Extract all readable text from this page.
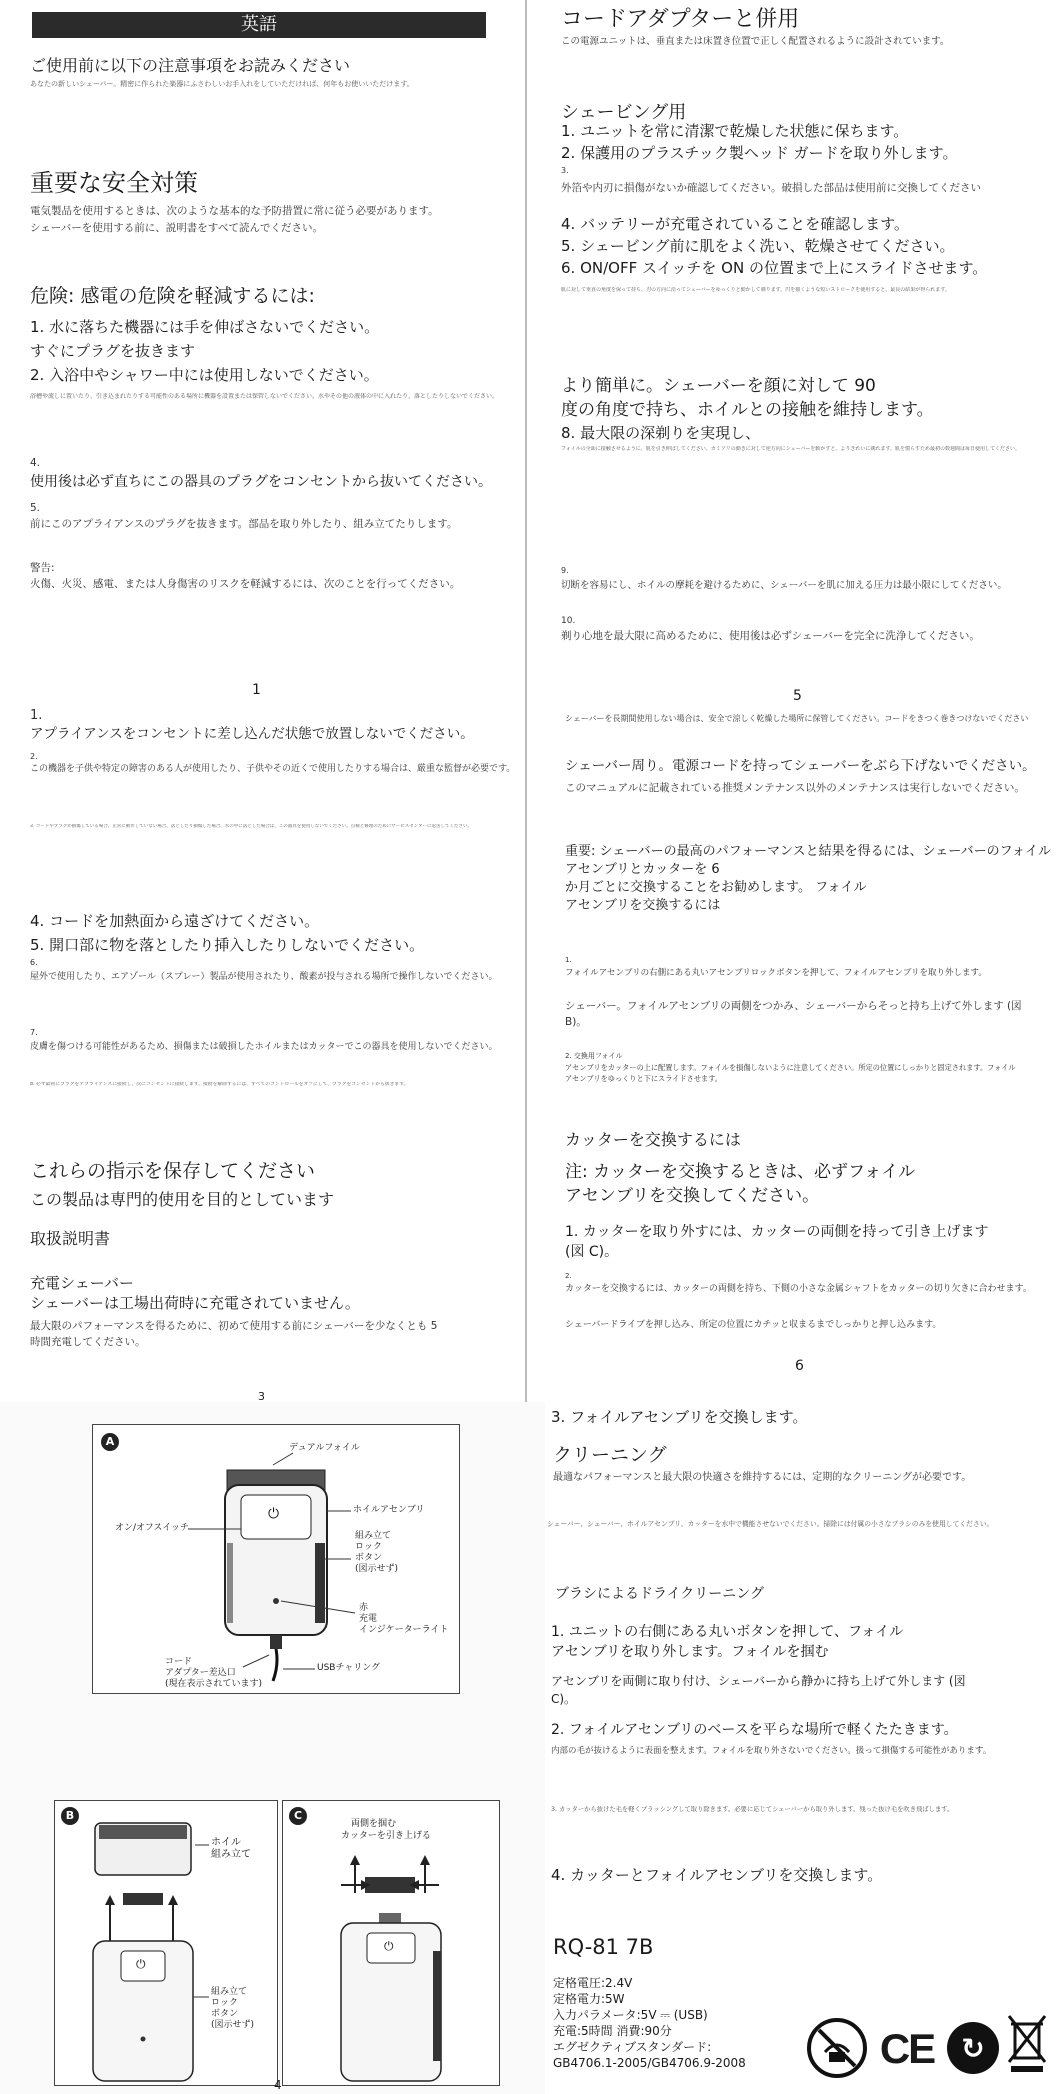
英語
ご使用前に以下の注意事項をお読みください
あなたの新しいシェーバー。精密に作られた楽器にふさわしいお手入れをしていただければ、何年もお使いいただけます。
重要な安全対策
電気製品を使用するときは、次のような基本的な予防措置に常に従う必要があります。
シェーバーを使用する前に、説明書をすべて読んでください。
危険: 感電の危険を軽減するには:
1. 水に落ちた機器には手を伸ばさないでください。
すぐにプラグを抜きます
2. 入浴中やシャワー中には使用しないでください。
浴槽や流しに置いたり、引き込まれたりする可能性のある場所に機器を設置または保管しないでください。水やその他の液体の中に入れたり、落としたりしないでください。
4.
使用後は必ず直ちにこの器具のプラグをコンセントから抜いてください。
5.
前にこのアプライアンスのプラグを抜きます。部品を取り外したり、組み立てたりします。
警告:
火傷、火災、感電、または人身傷害のリスクを軽減するには、次のことを行ってください。
1
コードアダプターと併用
この電源ユニットは、垂直または床置き位置で正しく配置されるように設計されています。
シェービング用
1. ユニットを常に清潔で乾燥した状態に保ちます。
2. 保護用のプラスチック製ヘッド ガードを取り外します。
3.
外箔や内刃に損傷がないか確認してください。破損した部品は使用前に交換してください
4. バッテリーが充電されていることを確認します。
5. シェービング前に肌をよく洗い、乾燥させてください。
6. ON/OFF スイッチを ON の位置まで上にスライドさせます。
肌に対して垂直の角度を保って持ち、刃の方向に沿ってシェーバーをゆっくりと動かして剃ります。円を描くような短いストロークを使用すると、最良の結果が得られます。
より簡単に。シェーバーを顔に対して 90
度の角度で持ち、ホイルとの接触を維持します。
8. 最大限の深剃りを実現し、
フォイルの全面に接触させるように、肌を引き伸ばしてください。カミソリの動きに対して逆方向にシェーバーを動かすと、よりきれいに剃れます。肌を慣らすため最初の数週間は毎日使用してください。
9.
切断を容易にし、ホイルの摩耗を避けるために、シェーバーを肌に加える圧力は最小限にしてください。
10.
剃り心地を最大限に高めるために、使用後は必ずシェーバーを完全に洗浄してください。
5
1.
アプライアンスをコンセントに差し込んだ状態で放置しないでください。
2.
この機器を子供や特定の障害のある人が使用したり、子供やその近くで使用したりする場合は、厳重な監督が必要です。
3. コードやプラグが損傷している場合、正常に動作していない場合、落としたり損傷した場合、水の中に落とした場合は、この器具を使用しないでください。点検と修理のためにサービスセンターに返送してください。
4. コードを加熱面から遠ざけてください。
5. 開口部に物を落としたり挿入したりしないでください。
6.
屋外で使用したり、エアゾール（スプレー）製品が使用されたり、酸素が投与される場所で操作しないでください。
7.
皮膚を傷つける可能性があるため、損傷または破損したホイルまたはカッターでこの器具を使用しないでください。
8. 必ず最初にプラグをアプライアンスに接続し、次にコンセントに接続します。接続を解除するには、すべてのコントロールをオフにして、プラグをコンセントから抜きます。
これらの指示を保存してください
この製品は専門的使用を目的としています
取扱説明書
充電シェーバー
シェーバーは工場出荷時に充電されていません。
最大限のパフォーマンスを得るために、初めて使用する前にシェーバーを少なくとも 5
時間充電してください。
3
シェーバーを長期間使用しない場合は、安全で涼しく乾燥した場所に保管してください。コードをきつく巻きつけないでください
シェーバー周り。電源コードを持ってシェーバーをぶら下げないでください。
このマニュアルに記載されている推奨メンテナンス以外のメンテナンスは実行しないでください。
重要: シェーバーの最高のパフォーマンスと結果を得るには、シェーバーのフォイル
アセンブリとカッターを 6
か月ごとに交換することをお勧めします。 フォイル
アセンブリを交換するには
1.
フォイルアセンブリの右側にある丸いアセンブリロックボタンを押して、フォイルアセンブリを取り外します。
シェーバー。フォイルアセンブリの両側をつかみ、シェーバーからそっと持ち上げて外します (図
B)。
2. 交換用フォイル
アセンブリをカッターの上に配置します。フォイルを損傷しないように注意してください。所定の位置にしっかりと固定されます。フォイル
アセンブリをゆっくりと下にスライドさせます。
カッターを交換するには
注: カッターを交換するときは、必ずフォイル
アセンブリを交換してください。
1. カッターを取り外すには、カッターの両側を持って引き上げます
(図 C)。
2.
カッターを交換するには、カッターの両側を持ち、下側の小さな金属シャフトをカッターの切り欠きに合わせます。
シェーバードライブを押し込み、所定の位置にカチッと収まるまでしっかりと押し込みます。
6
A
⏻
デュアルフォイル
ホイルアセンブリ
オン/オフスイッチ
組み立て
ロック
ボタン
(図示せず)
赤
充電
インジケーターライト
コード
アダプター差込口
(現在表示されています)
USBチャリング
B
⏻
ホイル
組み立て
組み立て
ロック
ボタン
(図示せず)
C
⏻
両側を掴む
カッターを引き上げる
4
3. フォイルアセンブリを交換します。
クリーニング
最適なパフォーマンスと最大限の快適さを維持するには、定期的なクリーニングが必要です。
シェーバー、シェーバー、ホイルアセンブリ、カッターを水中で機能させないでください。掃除には付属の小さなブラシのみを使用してください。
ブラシによるドライクリーニング
1. ユニットの右側にある丸いボタンを押して、フォイル
アセンブリを取り外します。フォイルを掴む
アセンブリを両側に取り付け、シェーバーから静かに持ち上げて外します (図
C)。
2. フォイルアセンブリのベースを平らな場所で軽くたたきます。
内部の毛が抜けるように表面を整えます。フォイルを取り外さないでください。扱って損傷する可能性があります。
3. カッターから抜けた毛を軽くブラッシングして取り除きます。必要に応じてシェーバーから取り外します。残った抜け毛を吹き飛ばします。
4. カッターとフォイルアセンブリを交換します。
RQ-81 7B
定格電圧:2.4V
定格電力:5W
入力パラメータ:5V ⎓ (USB)
充電:5時間 消費:90分
エグゼクティブスタンダード:
GB4706.1-2005/GB4706.9-2008	CE ↻
